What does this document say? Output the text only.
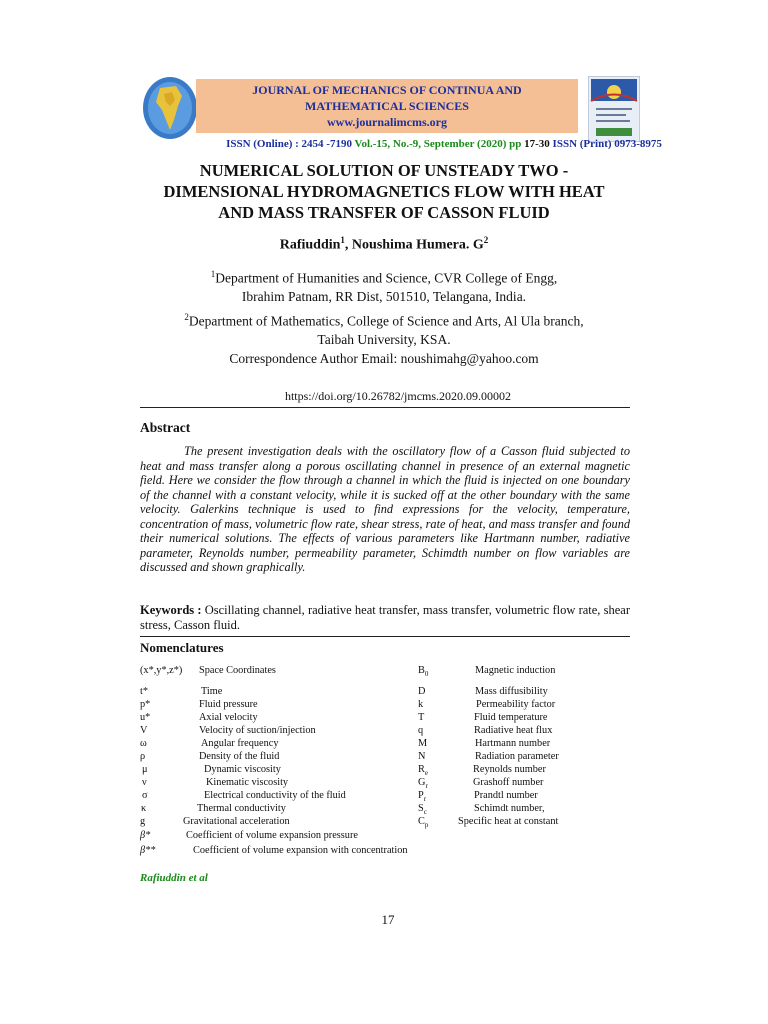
JOURNAL OF MECHANICS OF CONTINUA AND
MATHEMATICAL SCIENCES
www.journalimcms.org
ISSN (Online) : 2454 -7190 Vol.-15, No.-9, September (2020) pp 17-30 ISSN (Print) 0973-8975
NUMERICAL SOLUTION OF UNSTEADY TWO -
DIMENSIONAL HYDROMAGNETICS FLOW WITH HEAT
AND MASS TRANSFER OF CASSON FLUID
Rafiuddin$^1$, Noushima Humera. $G^2$
$^1$Department of Humanities and Science, CVR College of Engg,
Ibrahim Patnam, RR Dist, 501510, Telangana, India.
$^2$Department of Mathematics, College of Science and Arts, Al Ula branch,
Taibah University, KSA.
Correspondence Author Email: noushimahg@yahoo.com
https://doi.org/10.26782/jmcms.2020.09.00002
Abstract
The present investigation deals with the oscillatory flow of a Casson fluid subjected to heat and mass transfer along a porous oscillating channel in presence of an external magnetic field. Here we consider the flow through a channel in which the fluid is injected on one boundary of the channel with a constant velocity, while it is sucked off at the other boundary with the same velocity. Galerkins technique is used to find expressions for the velocity, temperature, concentration of mass, volumetric flow rate, shear stress, rate of heat, and mass transfer and found their numerical solutions. The effects of various parameters like Hartmann number, radiative parameter, Reynolds number, permeability parameter, Schimdth number on flow variables are discussed and shown graphically.
Keywords : Oscillating channel, radiative heat transfer, mass transfer, volumetric flow rate, shear stress, Casson fluid.
Nomenclatures
(x*,y*,z*) Space Coordinates
t*	Time
p*	Fluid pressure
u*	Axial velocity
V	Velocity of suction/injection
ω	Angular frequency
ρ	Density of the fluid
μ	Dynamic viscosity
ν	Kinematic viscosity
σ	Electrical conductivity of the fluid
κ	Thermal conductivity
g	Gravitational acceleration
β*	Coefficient of volume expansion pressure
β**	Coefficient of volume expansion with concentration
$B_0$	Magnetic induction
D	Mass diffusibility
k	Permeability factor
T	Fluid temperature
q	Radiative heat flux
M	Hartmann number
N	Radiation parameter
$R_e$	Reynolds number
$G_r$	Grashoff number
$P_r$	Prandtl number
$S_c$	Schimdt number,
$C_p$	Specific heat at constant
Rafiuddin et al
17
